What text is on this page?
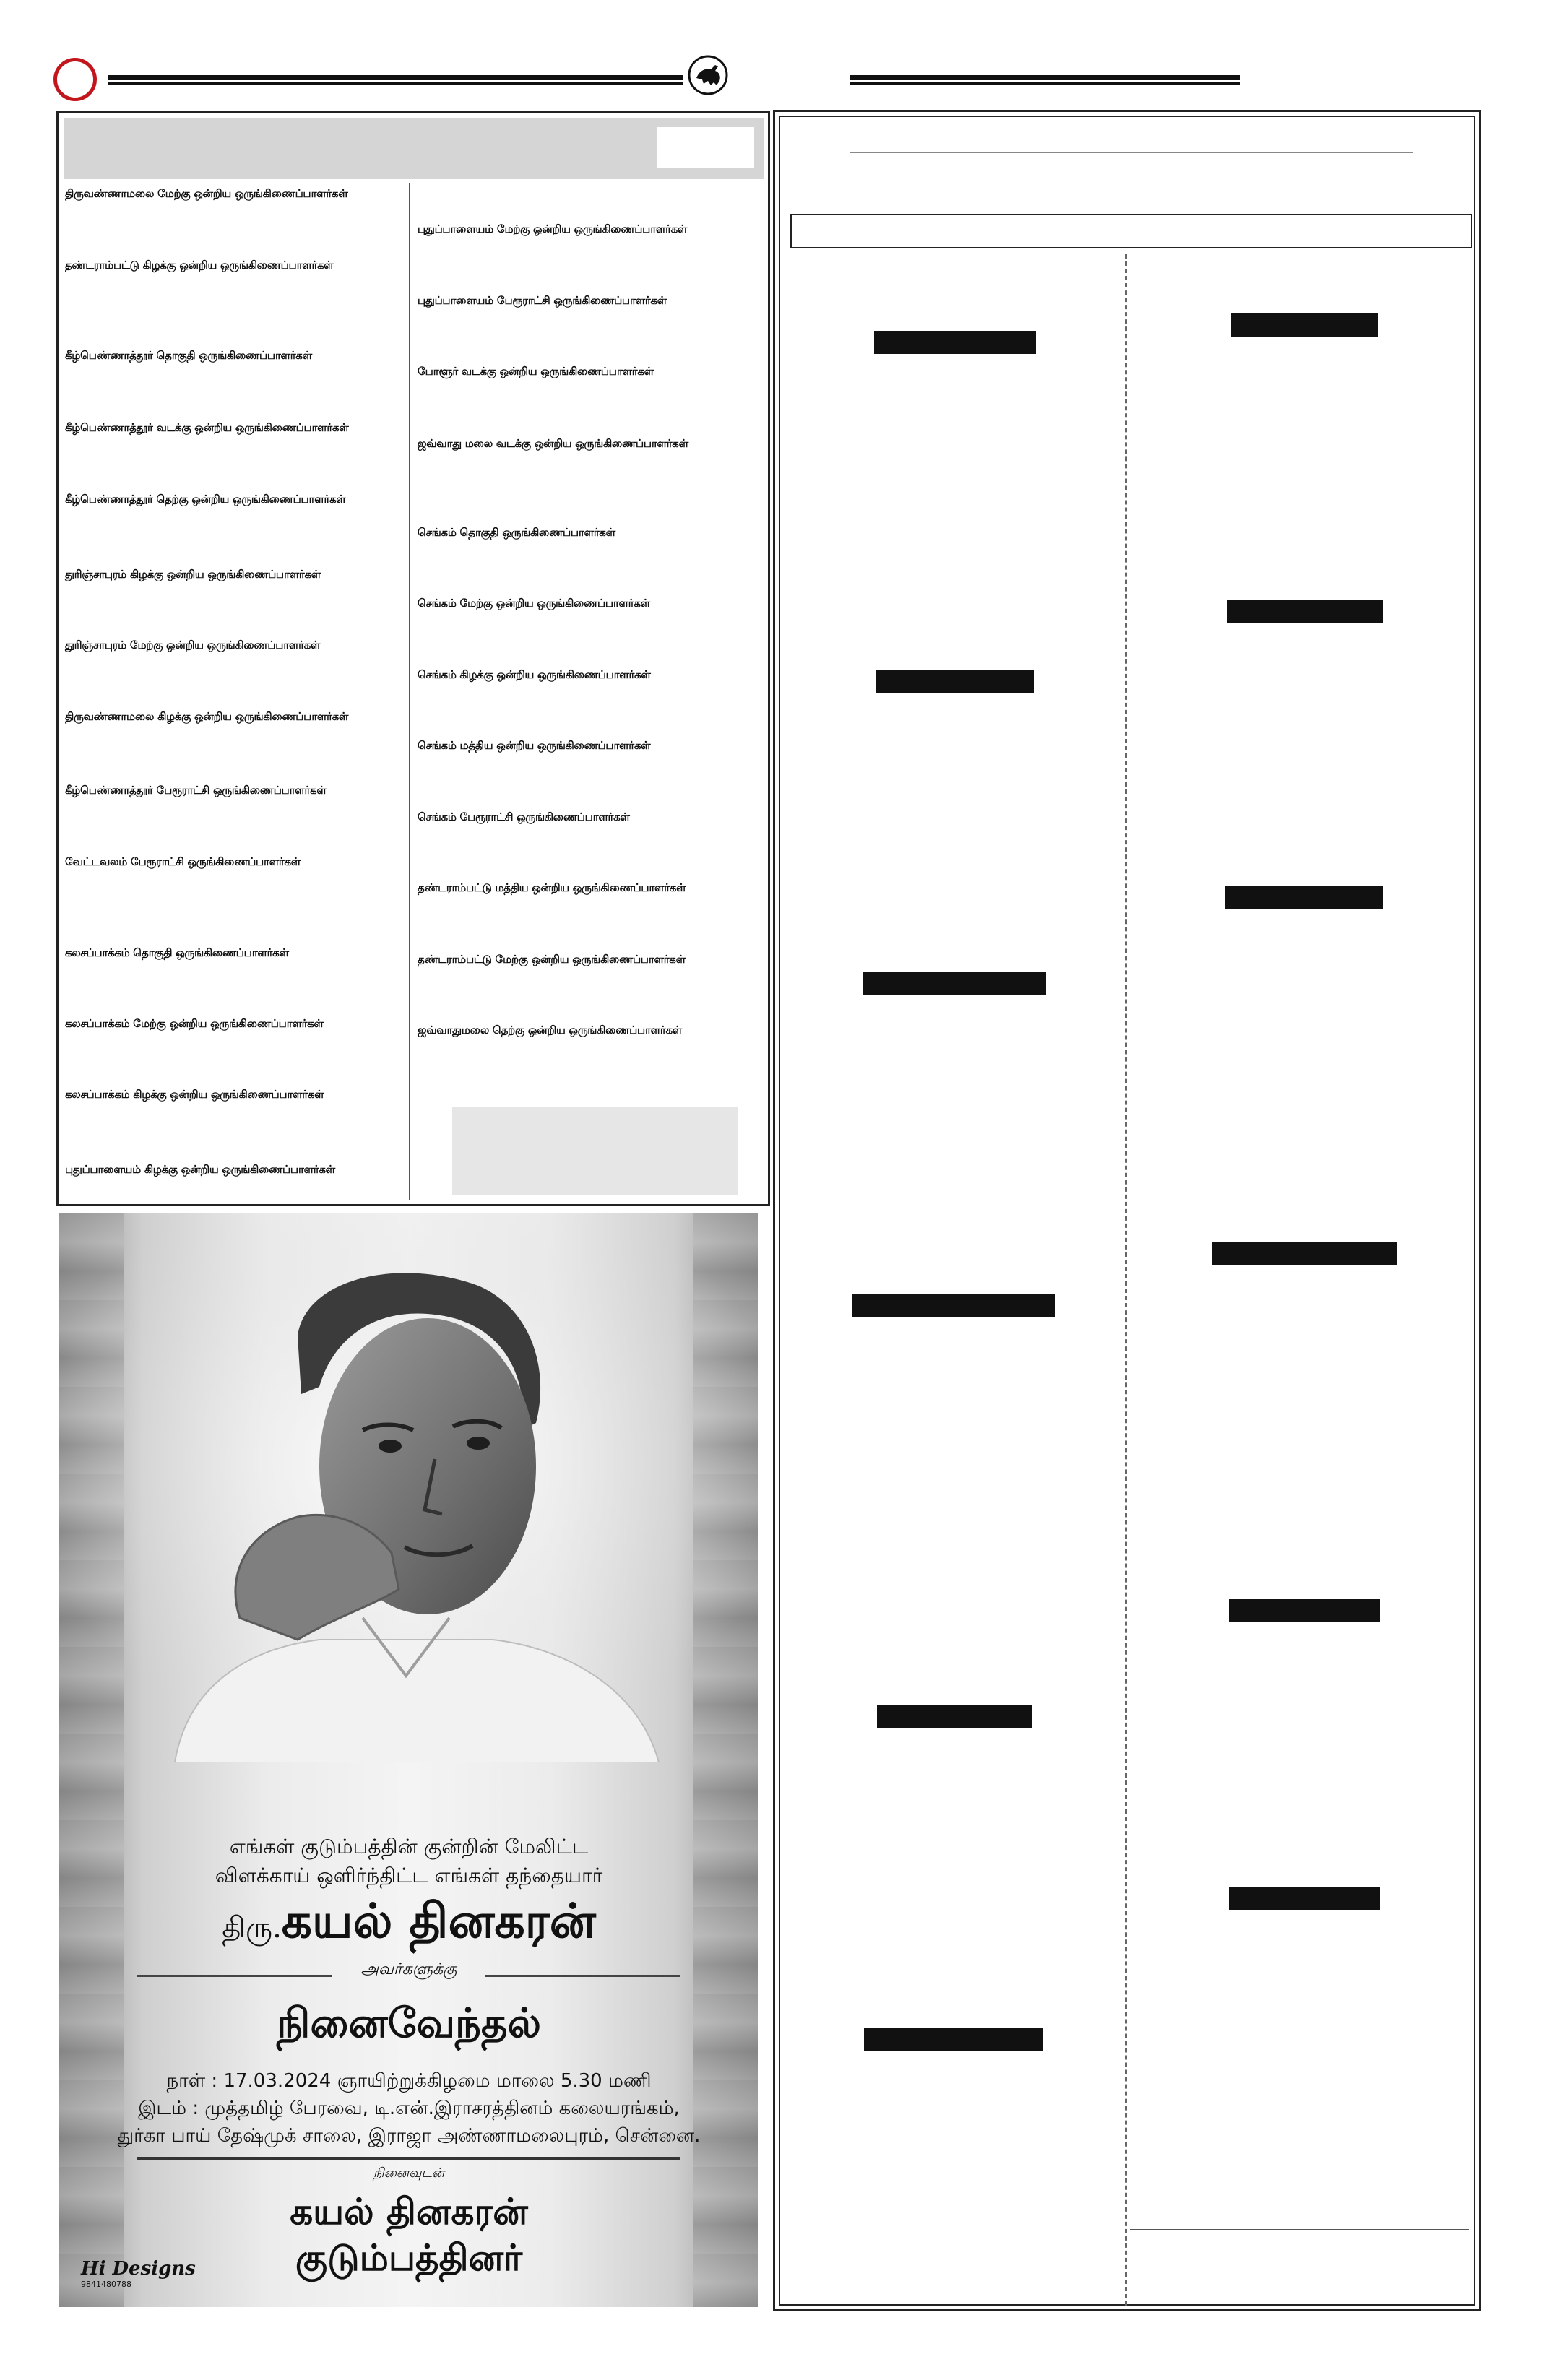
திருவண்ணாமலை மேற்கு ஒன்றிய ஒருங்கிணைப்பாளர்கள்
தண்டராம்பட்டு கிழக்கு ஒன்றிய ஒருங்கிணைப்பாளர்கள்
கீழ்பெண்ணாத்தூர் தொகுதி ஒருங்கிணைப்பாளர்கள்
கீழ்பெண்ணாத்தூர் வடக்கு ஒன்றிய ஒருங்கிணைப்பாளர்கள்
கீழ்பெண்ணாத்தூர் தெற்கு ஒன்றிய ஒருங்கிணைப்பாளர்கள்
துரிஞ்சாபுரம் கிழக்கு ஒன்றிய ஒருங்கிணைப்பாளர்கள்
துரிஞ்சாபுரம் மேற்கு ஒன்றிய ஒருங்கிணைப்பாளர்கள்
திருவண்ணாமலை கிழக்கு ஒன்றிய ஒருங்கிணைப்பாளர்கள்
கீழ்பெண்ணாத்தூர் பேரூராட்சி ஒருங்கிணைப்பாளர்கள்
வேட்டவலம் பேரூராட்சி ஒருங்கிணைப்பாளர்கள்
கலசப்பாக்கம் தொகுதி ஒருங்கிணைப்பாளர்கள்
கலசப்பாக்கம் மேற்கு ஒன்றிய ஒருங்கிணைப்பாளர்கள்
கலசப்பாக்கம் கிழக்கு ஒன்றிய ஒருங்கிணைப்பாளர்கள்
புதுப்பாளையம் கிழக்கு ஒன்றிய ஒருங்கிணைப்பாளர்கள்
புதுப்பாளையம் மேற்கு ஒன்றிய ஒருங்கிணைப்பாளர்கள்
புதுப்பாளையம் பேரூராட்சி ஒருங்கிணைப்பாளர்கள்
போளூர் வடக்கு ஒன்றிய ஒருங்கிணைப்பாளர்கள்
ஜவ்வாது மலை வடக்கு ஒன்றிய ஒருங்கிணைப்பாளர்கள்
செங்கம் தொகுதி ஒருங்கிணைப்பாளர்கள்
செங்கம் மேற்கு ஒன்றிய ஒருங்கிணைப்பாளர்கள்
செங்கம் கிழக்கு ஒன்றிய ஒருங்கிணைப்பாளர்கள்
செங்கம் மத்திய ஒன்றிய ஒருங்கிணைப்பாளர்கள்
செங்கம் பேரூராட்சி ஒருங்கிணைப்பாளர்கள்
தண்டராம்பட்டு மத்திய ஒன்றிய ஒருங்கிணைப்பாளர்கள்
தண்டராம்பட்டு மேற்கு ஒன்றிய ஒருங்கிணைப்பாளர்கள்
ஜவ்வாதுமலை தெற்கு ஒன்றிய ஒருங்கிணைப்பாளர்கள்
எங்கள் குடும்பத்தின் குன்றின் மேலிட்ட
விளக்காய் ஒளிர்ந்திட்ட எங்கள் தந்தையார்
திரு.கயல் தினகரன்
அவர்களுக்கு
நினைவேந்தல்
நாள் : 17.03.2024 ஞாயிற்றுக்கிழமை மாலை 5.30 மணி
இடம் : முத்தமிழ் பேரவை, டி.என்.இராசரத்தினம் கலையரங்கம்,
துர்கா பாய் தேஷ்முக் சாலை, இராஜா அண்ணாமலைபுரம், சென்னை.
நினைவுடன்
கயல் தினகரன்
குடும்பத்தினர்
Hi Designs
9841480788
